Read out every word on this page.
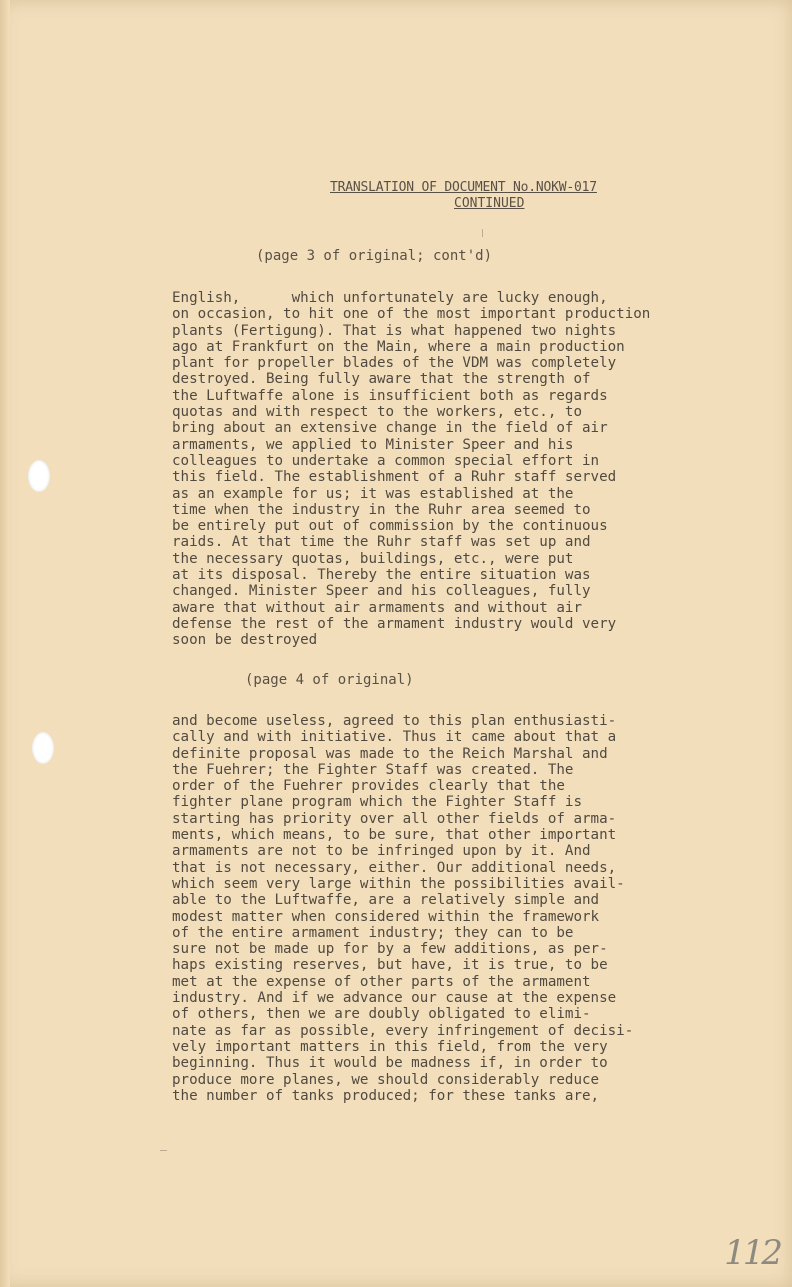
TRANSLATION OF DOCUMENT No.NOKW-017
CONTINUED
(page 3 of original; cont'd)
English,      which unfortunately are lucky enough,
on occasion, to hit one of the most important production
plants (Fertigung). That is what happened two nights
ago at Frankfurt on the Main, where a main production
plant for propeller blades of the VDM was completely
destroyed. Being fully aware that the strength of
the Luftwaffe alone is insufficient both as regards
quotas and with respect to the workers, etc., to
bring about an extensive change in the field of air
armaments, we applied to Minister Speer and his
colleagues to undertake a common special effort in
this field. The establishment of a Ruhr staff served
as an example for us; it was established at the
time when the industry in the Ruhr area seemed to
be entirely put out of commission by the continuous
raids. At that time the Ruhr staff was set up and
the necessary quotas, buildings, etc., were put
at its disposal. Thereby the entire situation was
changed. Minister Speer and his colleagues, fully
aware that without air armaments and without air
defense the rest of the armament industry would very
soon be destroyed
(page 4 of original)
and become useless, agreed to this plan enthusiasti-
cally and with initiative. Thus it came about that a
definite proposal was made to the Reich Marshal and
the Fuehrer; the Fighter Staff was created. The
order of the Fuehrer provides clearly that the
fighter plane program which the Fighter Staff is
starting has priority over all other fields of arma-
ments, which means, to be sure, that other important
armaments are not to be infringed upon by it. And
that is not necessary, either. Our additional needs,
which seem very large within the possibilities avail-
able to the Luftwaffe, are a relatively simple and
modest matter when considered within the framework
of the entire armament industry; they can to be
sure not be made up for by a few additions, as per-
haps existing reserves, but have, it is true, to be
met at the expense of other parts of the armament
industry. And if we advance our cause at the expense
of others, then we are doubly obligated to elimi-
nate as far as possible, every infringement of decisi-
vely important matters in this field, from the very
beginning. Thus it would be madness if, in order to
produce more planes, we should considerably reduce
the number of tanks produced; for these tanks are,
112
